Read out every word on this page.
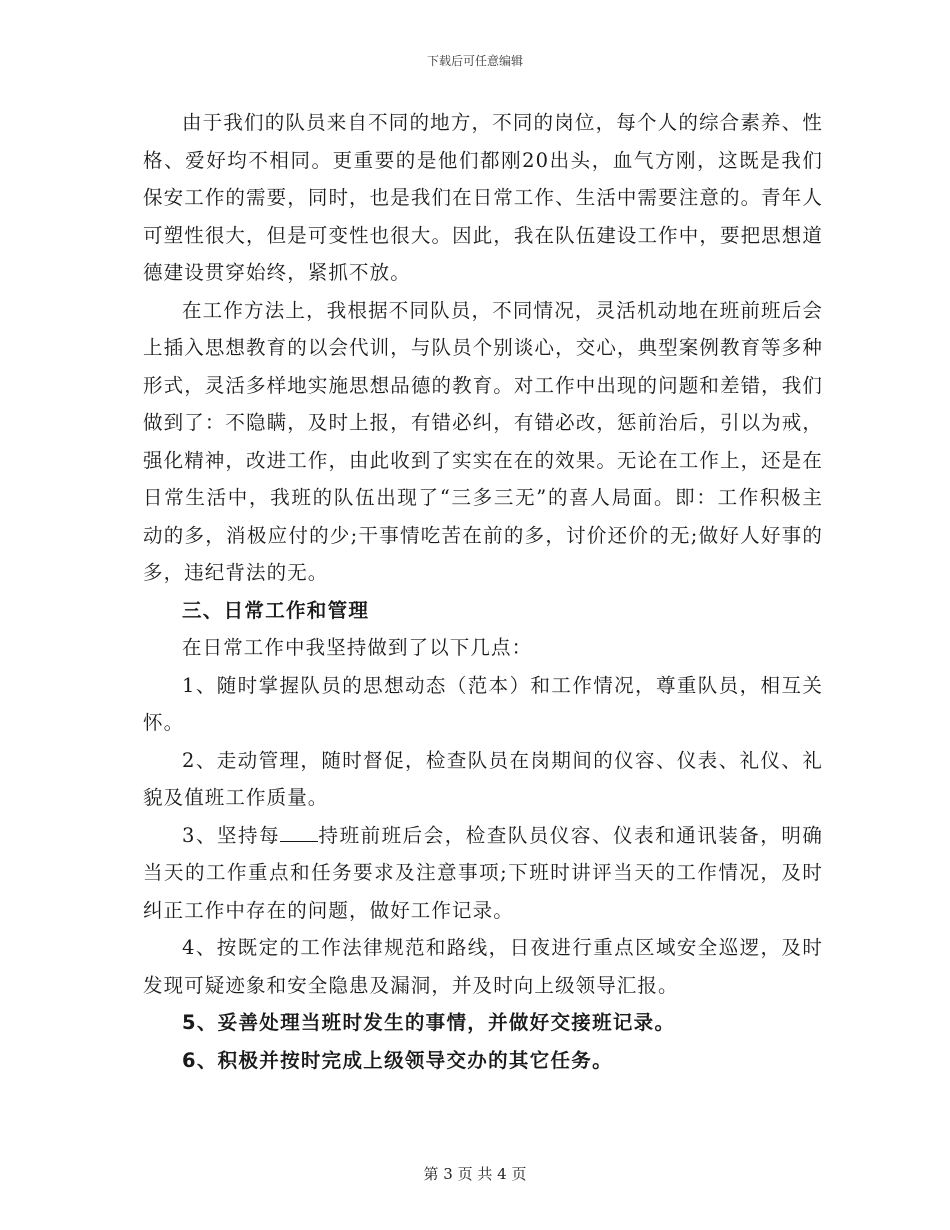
下载后可任意编辑

由于我们的队员来自不同的地方，不同的岗位，每个人的综合素养、性格、爱好均不相同。更重要的是他们都刚20出头，血气方刚，这既是我们保安工作的需要，同时，也是我们在日常工作、生活中需要注意的。青年人可塑性很大，但是可变性也很大。因此，我在队伍建设工作中，要把思想道德建设贯穿始终，紧抓不放。

在工作方法上，我根据不同队员，不同情况，灵活机动地在班前班后会上插入思想教育的以会代训，与队员个别谈心，交心，典型案例教育等多种形式，灵活多样地实施思想品德的教育。对工作中出现的问题和差错，我们做到了：不隐瞒，及时上报，有错必纠，有错必改，惩前治后，引以为戒，强化精神，改进工作，由此收到了实实在在的效果。无论在工作上，还是在日常生活中，我班的队伍出现了“三多三无”的喜人局面。即：工作积极主动的多，消极应付的少;干事情吃苦在前的多，讨价还价的无;做好人好事的多，违纪背法的无。

三、日常工作和管理

在日常工作中我坚持做到了以下几点：

1、随时掌握队员的思想动态（范本）和工作情况，尊重队员，相互关怀。

2、走动管理，随时督促，检查队员在岗期间的仪容、仪表、礼仪、礼貌及值班工作质量。

3、坚持每 持班前班后会，检查队员仪容、仪表和通讯装备，明确当天的工作重点和任务要求及注意事项;下班时讲评当天的工作情况，及时纠正工作中存在的问题，做好工作记录。

4、按既定的工作法律规范和路线，日夜进行重点区域安全巡逻，及时发现可疑迹象和安全隐患及漏洞，并及时向上级领导汇报。

5、妥善处理当班时发生的事情，并做好交接班记录。

6、积极并按时完成上级领导交办的其它任务。

第 3 页 共 4 页
